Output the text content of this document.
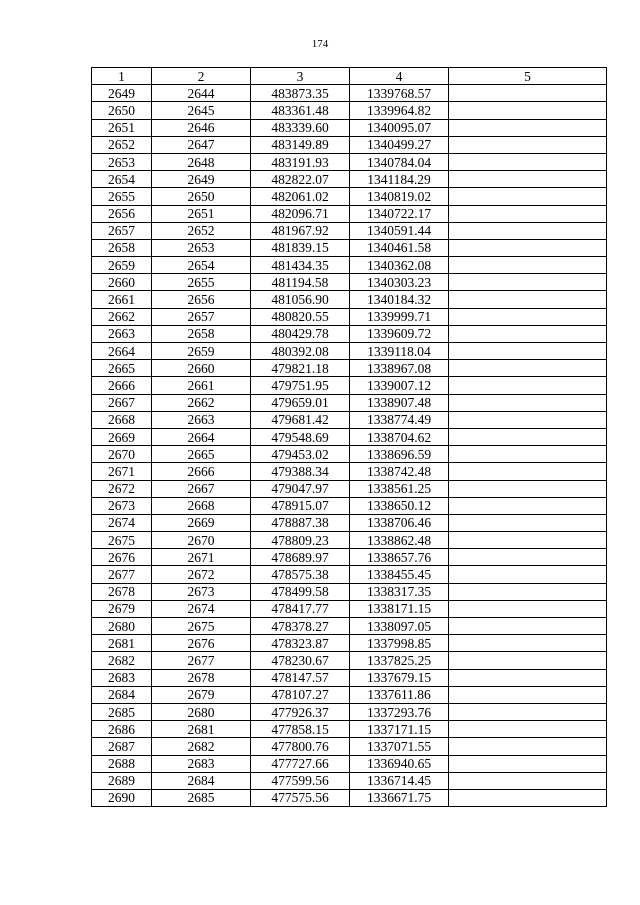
174
1	2	3	4	5
2649	2644	483873.35	1339768.57	
2650	2645	483361.48	1339964.82	
2651	2646	483339.60	1340095.07	
2652	2647	483149.89	1340499.27	
2653	2648	483191.93	1340784.04	
2654	2649	482822.07	1341184.29	
2655	2650	482061.02	1340819.02	
2656	2651	482096.71	1340722.17	
2657	2652	481967.92	1340591.44	
2658	2653	481839.15	1340461.58	
2659	2654	481434.35	1340362.08	
2660	2655	481194.58	1340303.23	
2661	2656	481056.90	1340184.32	
2662	2657	480820.55	1339999.71	
2663	2658	480429.78	1339609.72	
2664	2659	480392.08	1339118.04	
2665	2660	479821.18	1338967.08	
2666	2661	479751.95	1339007.12	
2667	2662	479659.01	1338907.48	
2668	2663	479681.42	1338774.49	
2669	2664	479548.69	1338704.62	
2670	2665	479453.02	1338696.59	
2671	2666	479388.34	1338742.48	
2672	2667	479047.97	1338561.25	
2673	2668	478915.07	1338650.12	
2674	2669	478887.38	1338706.46	
2675	2670	478809.23	1338862.48	
2676	2671	478689.97	1338657.76	
2677	2672	478575.38	1338455.45	
2678	2673	478499.58	1338317.35	
2679	2674	478417.77	1338171.15	
2680	2675	478378.27	1338097.05	
2681	2676	478323.87	1337998.85	
2682	2677	478230.67	1337825.25	
2683	2678	478147.57	1337679.15	
2684	2679	478107.27	1337611.86	
2685	2680	477926.37	1337293.76	
2686	2681	477858.15	1337171.15	
2687	2682	477800.76	1337071.55	
2688	2683	477727.66	1336940.65	
2689	2684	477599.56	1336714.45	
2690	2685	477575.56	1336671.75	
